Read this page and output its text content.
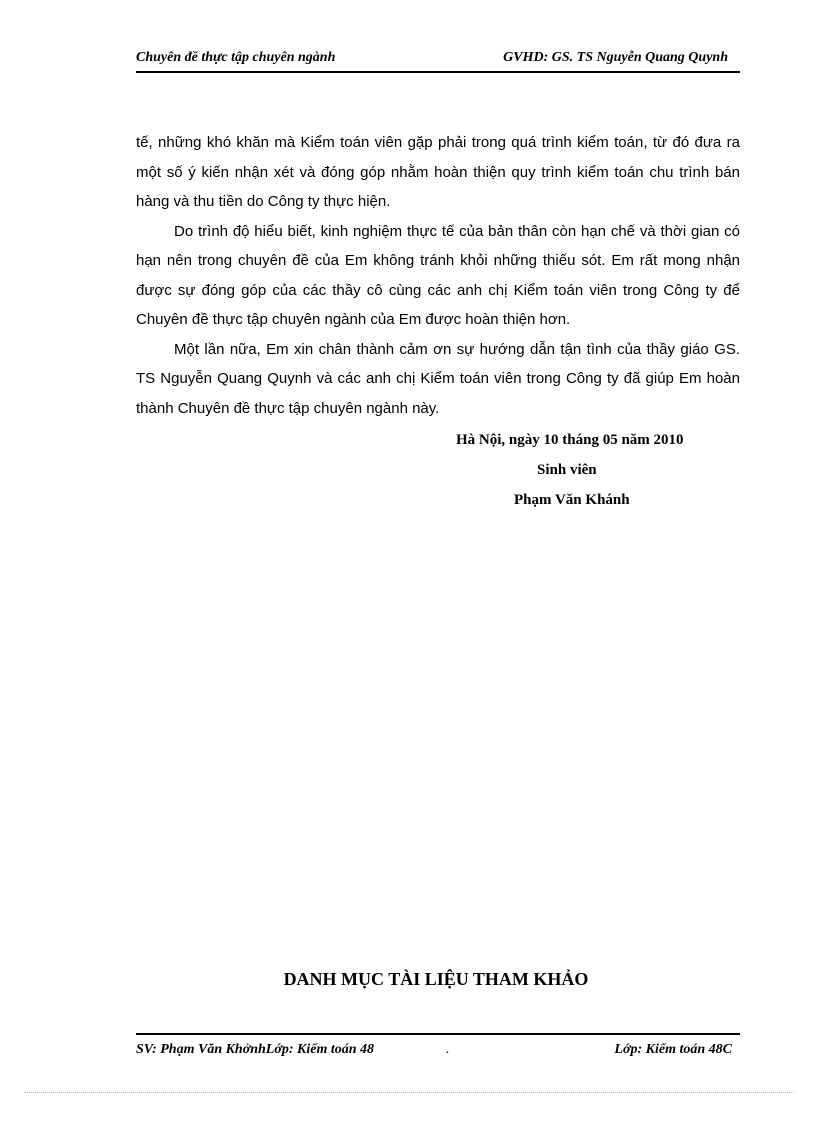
Chuyên đề thực tập chuyên ngành	GVHD: GS. TS Nguyễn Quang Quynh

tế, những khó khăn mà Kiểm toán viên gặp phải trong quá trình kiểm toán, từ đó đưa ra một số ý kiến nhận xét và đóng góp nhằm hoàn thiện quy trình kiểm toán chu trình bán hàng và thu tiền do Công ty thực hiện.

Do trình độ hiểu biết, kinh nghiệm thực tế của bản thân còn hạn chế và thời gian có hạn nên trong chuyên đề của Em không tránh khỏi những thiếu sót. Em rất mong nhận được sự đóng góp của các thầy cô cùng các anh chị Kiểm toán viên trong Công ty để Chuyên đề thực tập chuyên ngành của Em được hoàn thiện hơn.

Một lần nữa, Em xin chân thành cảm ơn sự hướng dẫn tận tình của thầy giáo GS. TS Nguyễn Quang Quynh và các anh chị Kiểm toán viên trong Công ty đã giúp Em hoàn thành Chuyên đề thực tập chuyên ngành này.

Hà Nội, ngày 10 tháng 05 năm 2010
Sinh viên
Phạm Văn Khánh
DANH MỤC TÀI LIỆU THAM KHẢO
SV: Phạm Văn KhởnhLớp: Kiểm toán 48	.	Lớp: Kiểm toán 48C
